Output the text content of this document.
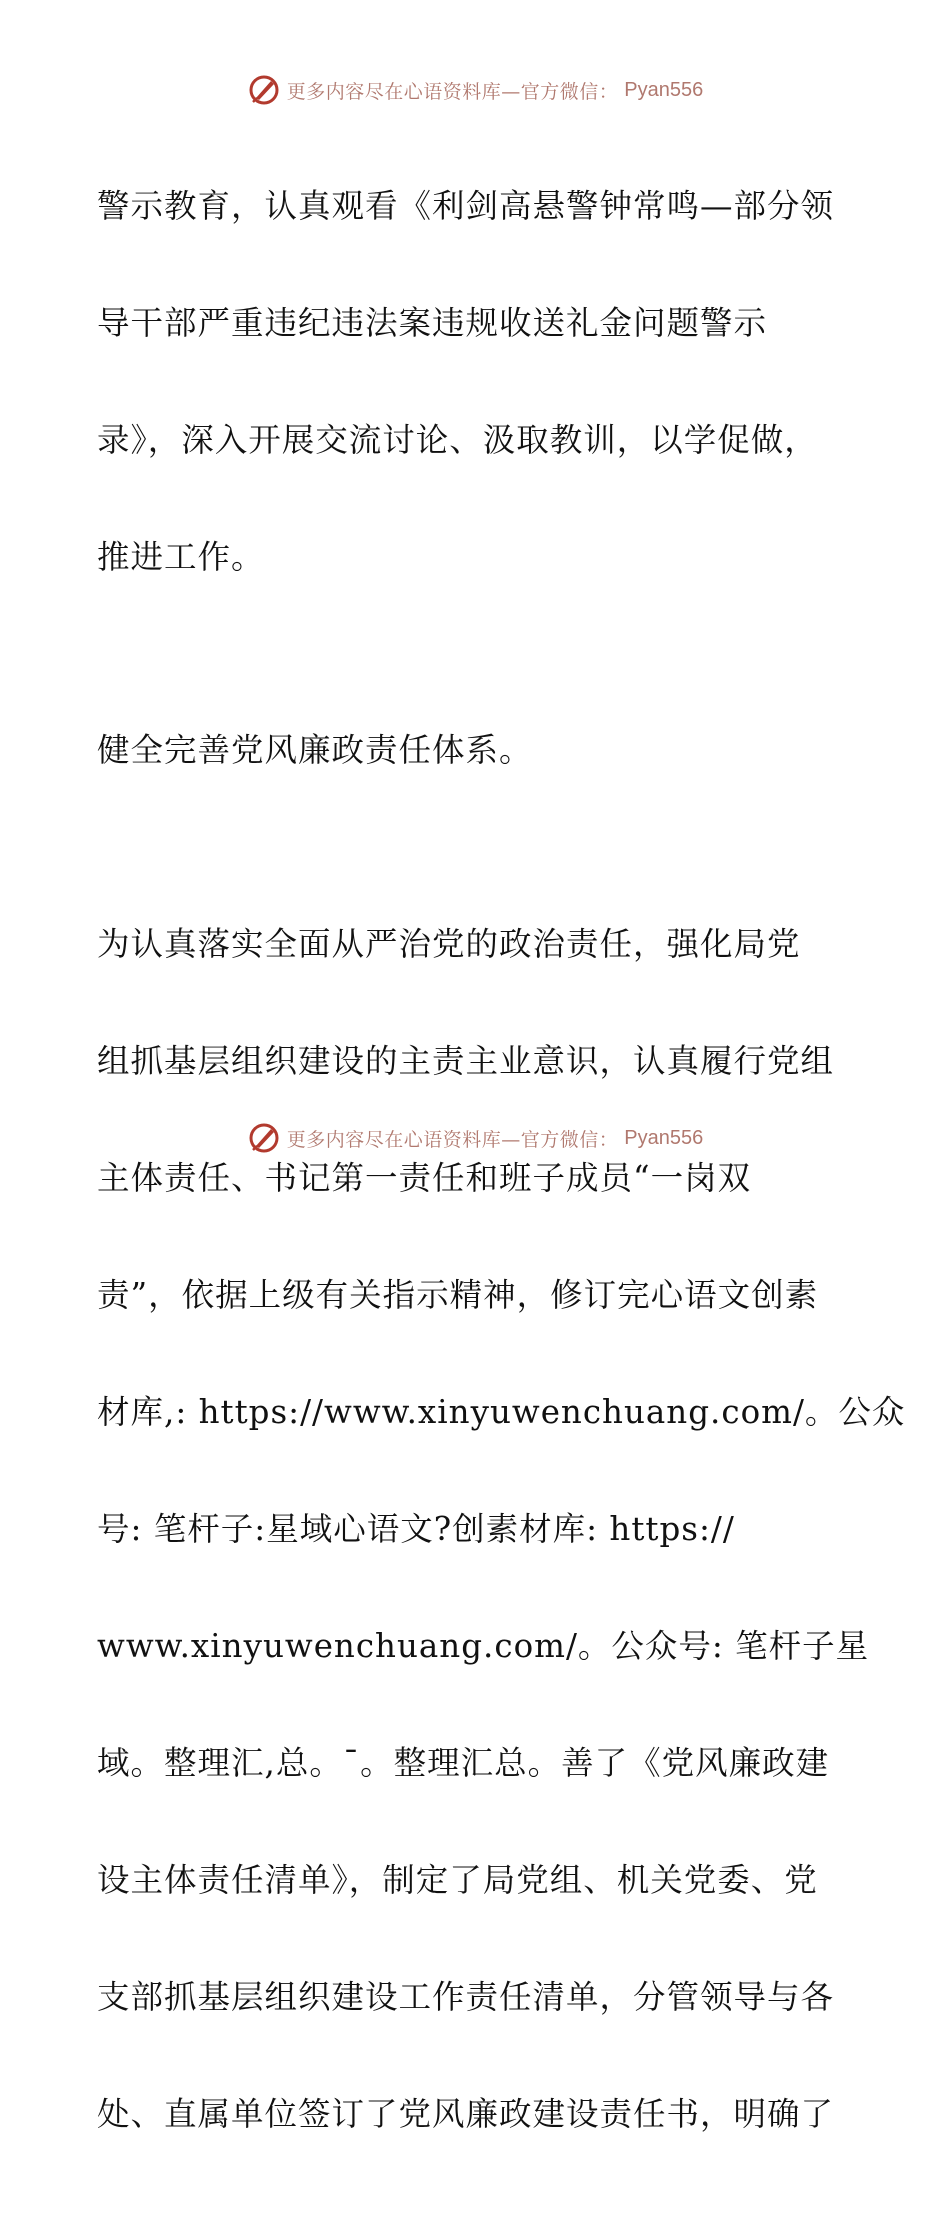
更多内容尽在心语资料库—官方微信： Pyan556

警示教育，认真观看《利剑高悬警钟常鸣—部分领

导干部严重违纪违法案违规收送礼金问题警示

录》，深入开展交流讨论、汲取教训，以学促做，

推进工作。

健全完善党风廉政责任体系。

为认真落实全面从严治党的政治责任，强化局党

组抓基层组织建设的主责主业意识，认真履行党组

主体责任、书记第一责任和班子成员“一岗双

责”，依据上级有关指示精神，修订完心语文创素

材库,: https://www.xinyuwenchuang.com/。公众

号: 笔杆子:星域心语文?创素材库: https://

www.xinyuwenchuang.com/。公众号: 笔杆子星

域。整理汇,总。¯。整理汇总。善了《党风廉政建

设主体责任清单》，制定了局党组、机关党委、党

支部抓基层组织建设工作责任清单，分管领导与各

处、直属单位签订了党风廉政建设责任书，明确了

更多内容尽在心语资料库—官方微信： Pyan556
